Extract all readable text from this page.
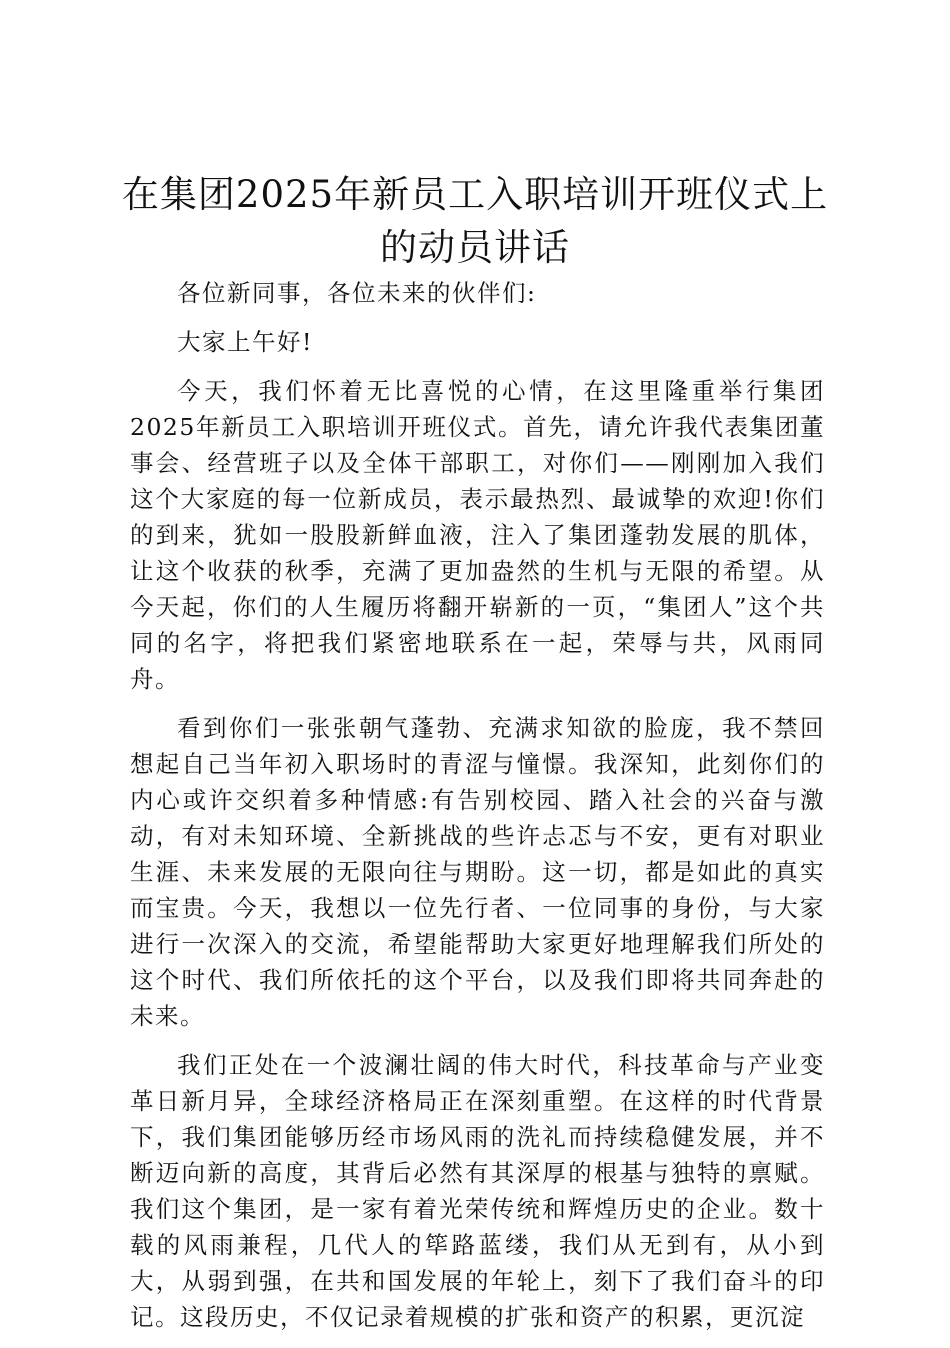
在集团2025年新员工入职培训开班仪式上的动员讲话

各位新同事，各位未来的伙伴们:

大家上午好!

今天，我们怀着无比喜悦的心情，在这里隆重举行集团2025年新员工入职培训开班仪式。首先，请允许我代表集团董事会、经营班子以及全体干部职工，对你们——刚刚加入我们这个大家庭的每一位新成员，表示最热烈、最诚挚的欢迎!你们的到来，犹如一股股新鲜血液，注入了集团蓬勃发展的肌体，让这个收获的秋季，充满了更加盎然的生机与无限的希望。从今天起，你们的人生履历将翻开崭新的一页，“集团人”这个共同的名字，将把我们紧密地联系在一起，荣辱与共，风雨同舟。

看到你们一张张朝气蓬勃、充满求知欲的脸庞，我不禁回想起自己当年初入职场时的青涩与憧憬。我深知，此刻你们的内心或许交织着多种情感:有告别校园、踏入社会的兴奋与激动，有对未知环境、全新挑战的些许忐忑与不安，更有对职业生涯、未来发展的无限向往与期盼。这一切，都是如此的真实而宝贵。今天，我想以一位先行者、一位同事的身份，与大家进行一次深入的交流，希望能帮助大家更好地理解我们所处的这个时代、我们所依托的这个平台，以及我们即将共同奔赴的未来。

我们正处在一个波澜壮阔的伟大时代，科技革命与产业变革日新月异，全球经济格局正在深刻重塑。在这样的时代背景下，我们集团能够历经市场风雨的洗礼而持续稳健发展，并不断迈向新的高度，其背后必然有其深厚的根基与独特的禀赋。我们这个集团，是一家有着光荣传统和辉煌历史的企业。数十载的风雨兼程，几代人的筚路蓝缕，我们从无到有，从小到大，从弱到强，在共和国发展的年轮上，刻下了我们奋斗的印记。这段历史，不仅记录着规模的扩张和资产的积累，更沉淀
